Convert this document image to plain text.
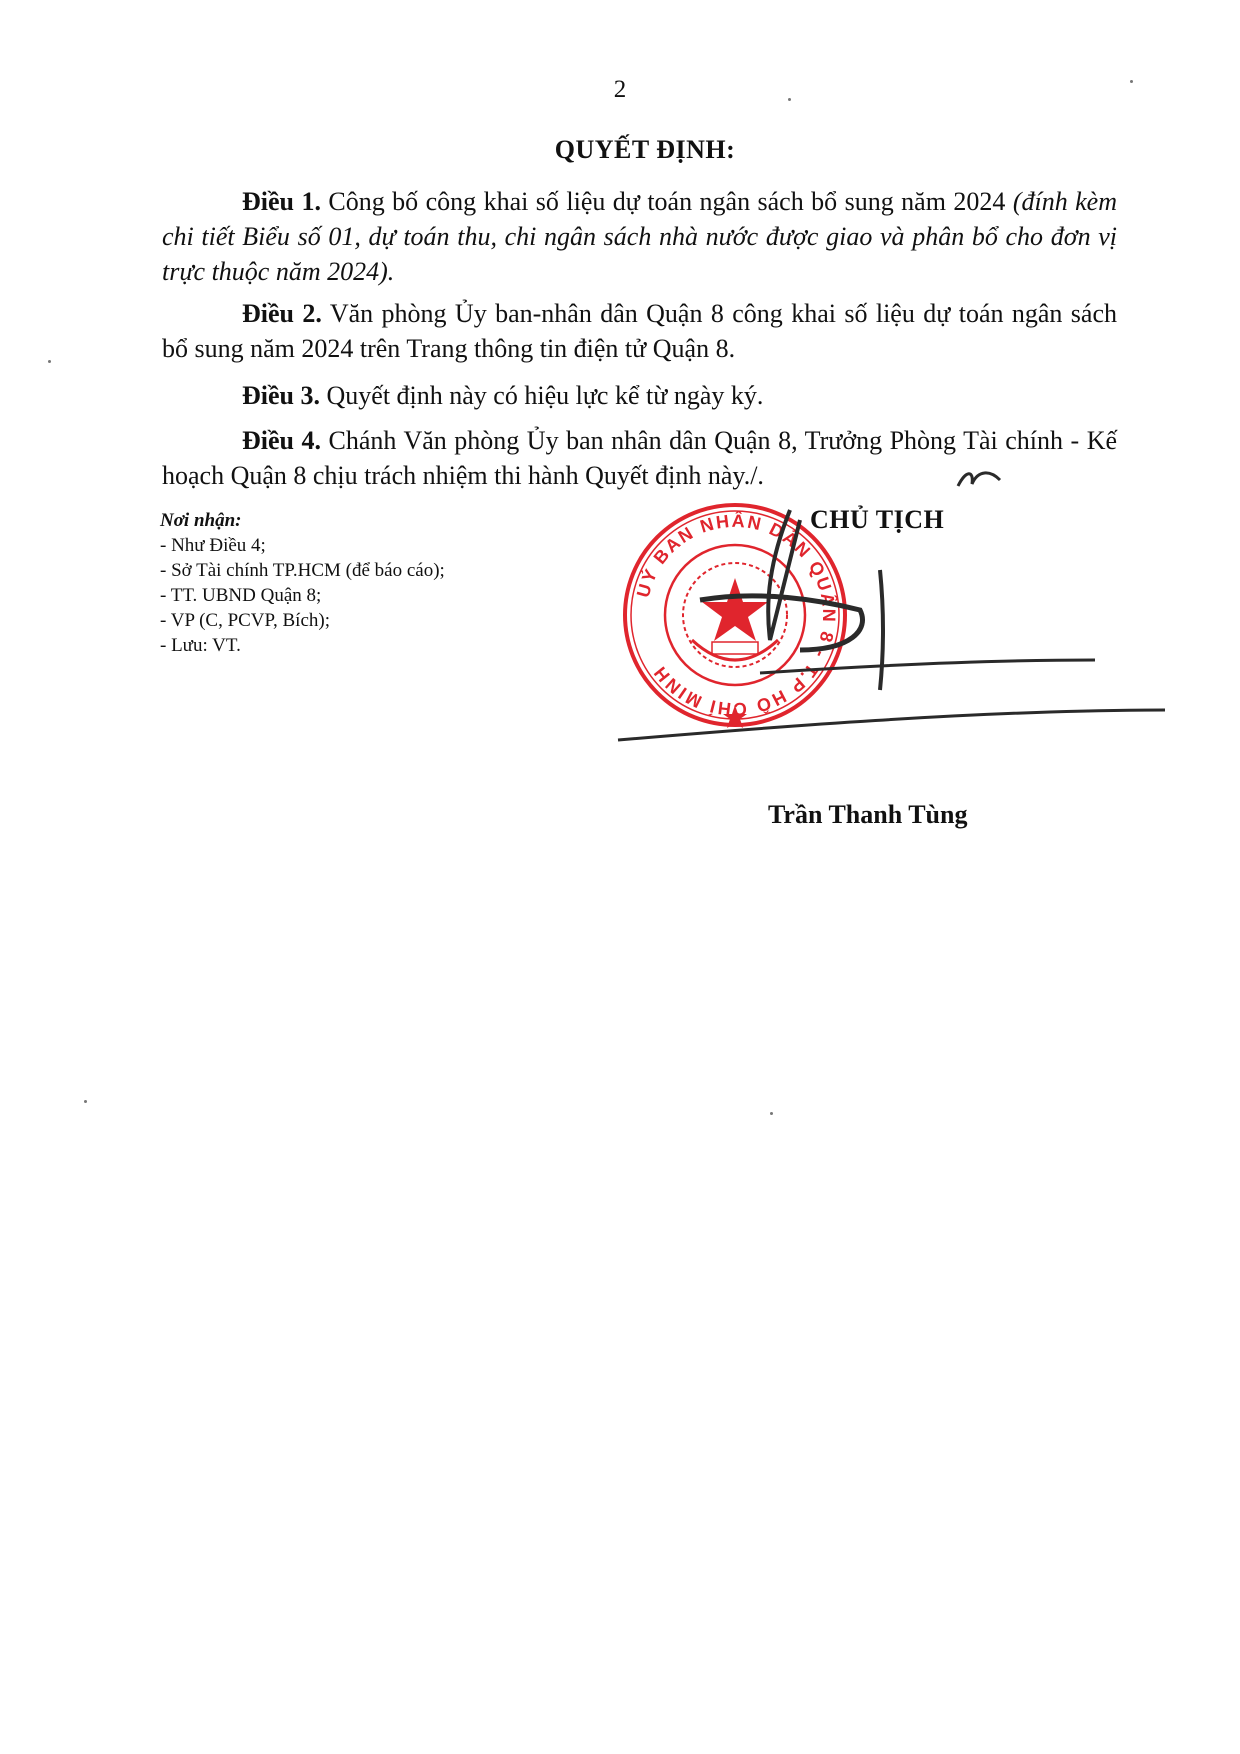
2
QUYẾT ĐỊNH:

Điều 1. Công bố công khai số liệu dự toán ngân sách bổ sung năm 2024 (đính kèm chi tiết Biểu số 01, dự toán thu, chi ngân sách nhà nước được giao và phân bổ cho đơn vị trực thuộc năm 2024).

Điều 2. Văn phòng Ủy ban-nhân dân Quận 8 công khai số liệu dự toán ngân sách bổ sung năm 2024 trên Trang thông tin điện tử Quận 8.

Điều 3. Quyết định này có hiệu lực kể từ ngày ký.

Điều 4. Chánh Văn phòng Ủy ban nhân dân Quận 8, Trưởng Phòng Tài chính - Kế hoạch Quận 8 chịu trách nhiệm thi hành Quyết định này./.

Nơi nhận:
- Như Điều 4;
- Sở Tài chính TP.HCM (để báo cáo);
- TT. UBND Quận 8;
- VP (C, PCVP, Bích);
- Lưu: VT.
UỶ BAN NHÂN DÂN QUẬN 8 - T.P HỒ CHÍ MINH
CHỦ TỊCH
Trần Thanh Tùng
